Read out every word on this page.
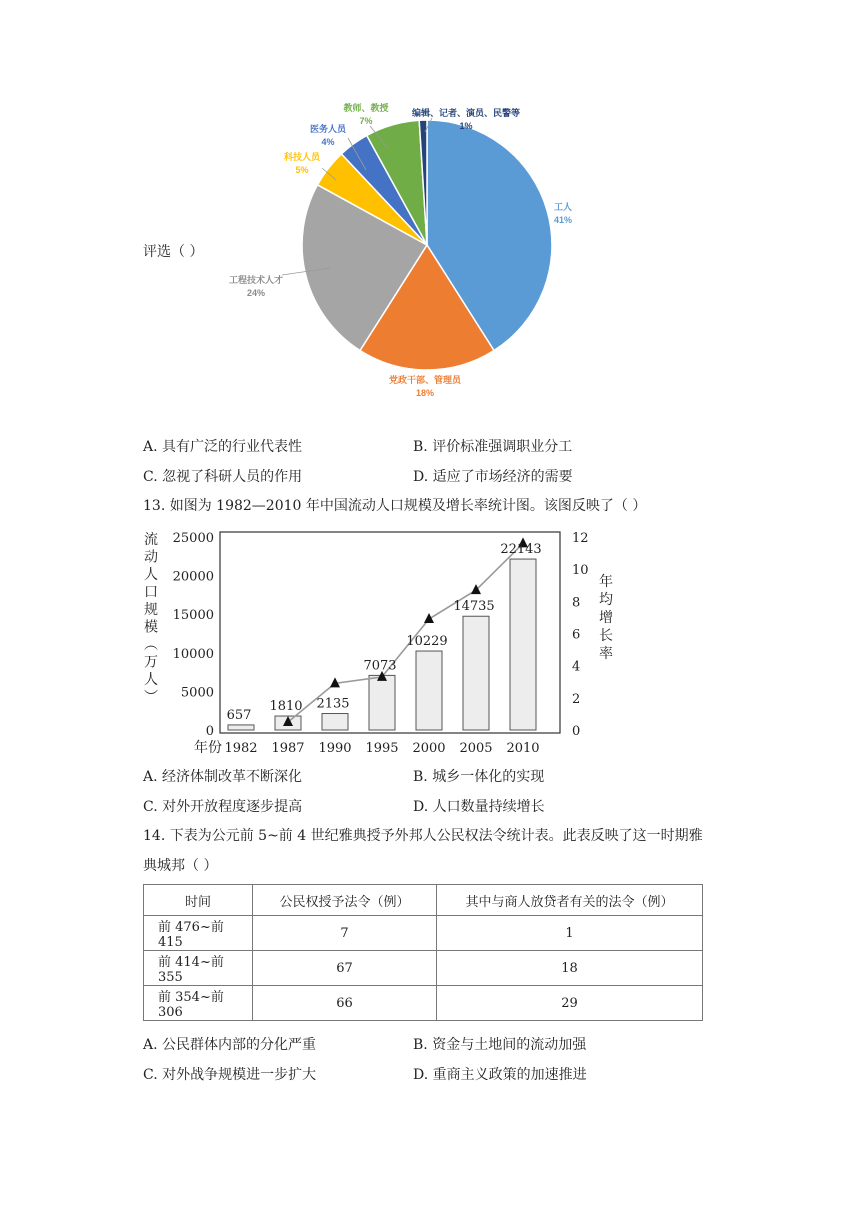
工人
41%
党政干部、管理员
18%
工程技术人才
24%
科技人员
5%
医务人员
4%
教师、教授
7%
编辑、记者、演员、民警等
1%
评选（ ）
A. 具有广泛的行业代表性	B. 评价标准强调职业分工
C. 忽视了科研人员的作用	D. 适应了市场经济的需要
13. 如图为 1982—2010 年中国流动人口规模及增长率统计图。该图反映了（ ）
657
1810 2135
7073
10229
14735
22143
0
5000
10000
15000
20000
25000
0
2
4
6
8
10
12
1982 1987 1990 1995 2000 2005 2010
流动人口规模︵万人︶
年均增长率
年份
A. 经济体制改革不断深化	B. 城乡一体化的实现
C. 对外开放程度逐步提高	D. 人口数量持续增长
14. 下表为公元前 5~前 4 世纪雅典授予外邦人公民权法令统计表。此表反映了这一时期雅
典城邦（ ）
时间	公民权授予法令（例）	其中与商人放贷者有关的法令（例）
前 476~前 415	7	1
前 414~前 355	67	18
前 354~前 306	66	29
A. 公民群体内部的分化严重	B. 资金与土地间的流动加强
C. 对外战争规模进一步扩大	D. 重商主义政策的加速推进
